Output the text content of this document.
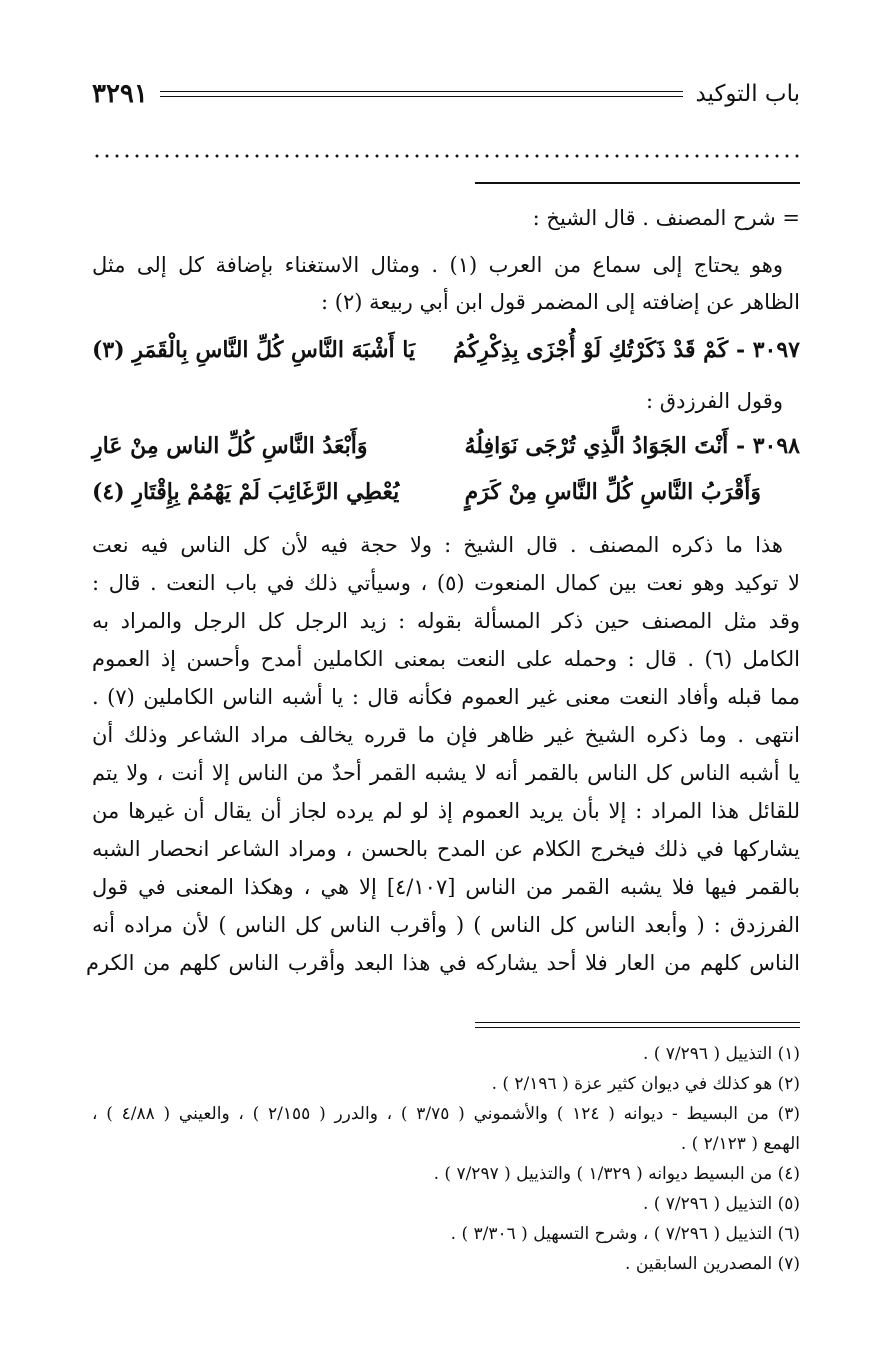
باب التوكيد
٣٢٩١
= شرح المصنف . قال الشيخ :
وهو يحتاج إلى سماع من العرب (١) . ومثال الاستغناء بإضافة كل إلى مثل
الظاهر عن إضافته إلى المضمر قول ابن أبي ربيعة (٢) :
٣٠٩٧ - كَمْ قَدْ ذَكَرْتُكِ لَوْ أُجْزَى بِذِكْرِكُمُ
يَا أَشْبَهَ النَّاسِ كُلِّ النَّاسِ بِالْقَمَرِ (٣)
وقول الفرزدق :
٣٠٩٨ - أَنْتَ الجَوَادُ الَّذِي تُرْجَى نَوَافِلُهُ
وَأَبْعَدُ النَّاسِ كُلِّ الناس مِنْ عَارِ
وَأَقْرَبُ النَّاسِ كُلِّ النَّاسِ مِنْ كَرَمٍ
يُعْطِي الرَّغَائِبَ لَمْ يَهْمُمْ بِإِقْتَارِ (٤)
هذا ما ذكره المصنف . قال الشيخ : ولا حجة فيه لأن كل الناس فيه نعت
لا توكيد وهو نعت بين كمال المنعوت (٥) ، وسيأتي ذلك في باب النعت . قال :
وقد مثل المصنف حين ذكر المسألة بقوله : زيد الرجل كل الرجل والمراد به
الكامل (٦) . قال : وحمله على النعت بمعنى الكاملين أمدح وأحسن إذ العموم
مما قبله وأفاد النعت معنى غير العموم فكأنه قال : يا أشبه الناس الكاملين (٧) .
انتهى . وما ذكره الشيخ غير ظاهر فإن ما قرره يخالف مراد الشاعر وذلك أن
يا أشبه الناس كل الناس بالقمر أنه لا يشبه القمر أحدٌ من الناس إلا أنت ، ولا يتم
للقائل هذا المراد : إلا بأن يريد العموم إذ لو لم يرده لجاز أن يقال أن غيرها من
يشاركها في ذلك فيخرج الكلام عن المدح بالحسن ، ومراد الشاعر انحصار الشبه
بالقمر فيها فلا يشبه القمر من الناس [٤/١٠٧] إلا هي ، وهكذا المعنى في قول
الفرزدق : ( وأبعد الناس كل الناس ) ( وأقرب الناس كل الناس ) لأن مراده أنه
الناس كلهم من العار فلا أحد يشاركه في هذا البعد وأقرب الناس كلهم من الكرم
(١) التذييل ( ٧/٢٩٦ ) .
(٢) هو كذلك في ديوان كثير عزة ( ٢/١٩٦ ) .
(٣) من البسيط - ديوانه ( ١٢٤ ) والأشموني ( ٣/٧٥ ) ، والدرر ( ٢/١٥٥ ) ، والعيني ( ٤/٨٨ ) ،
الهمع ( ٢/١٢٣ ) .
(٤) من البسيط ديوانه ( ١/٣٢٩ ) والتذييل ( ٧/٢٩٧ ) .
(٥) التذييل ( ٧/٢٩٦ ) .
(٦) التذييل ( ٧/٢٩٦ ) ، وشرح التسهيل ( ٣/٣٠٦ ) .
(٧) المصدرين السابقين .
